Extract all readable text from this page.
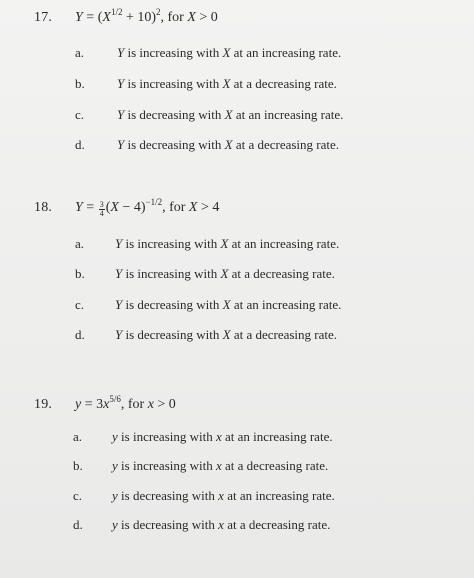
17. $Y = (X^{1/2} + 10)^2$, for X > 0
a.	Y is increasing with X at an increasing rate.
b. Y is increasing with X at a decreasing rate.
c.	Y is decreasing with X at an increasing rate.
d. Y is decreasing with X at a decreasing rate.
18. $Y = \frac{3}{4} (X - 4)^{-1/2}$, for X > 4
a. Y is increasing with X at an increasing rate.
b. Y is increasing with X at a decreasing rate.
c. Y is decreasing with X at an increasing rate.
d. Y is decreasing with X at a decreasing rate.
19. $y = 3x^{5/6}$, for x > 0
a. y is increasing with x at an increasing rate.
b. y is increasing with x at a decreasing rate.
c. y is decreasing with x at an increasing rate.
d. y is decreasing with x at a decreasing rate.
